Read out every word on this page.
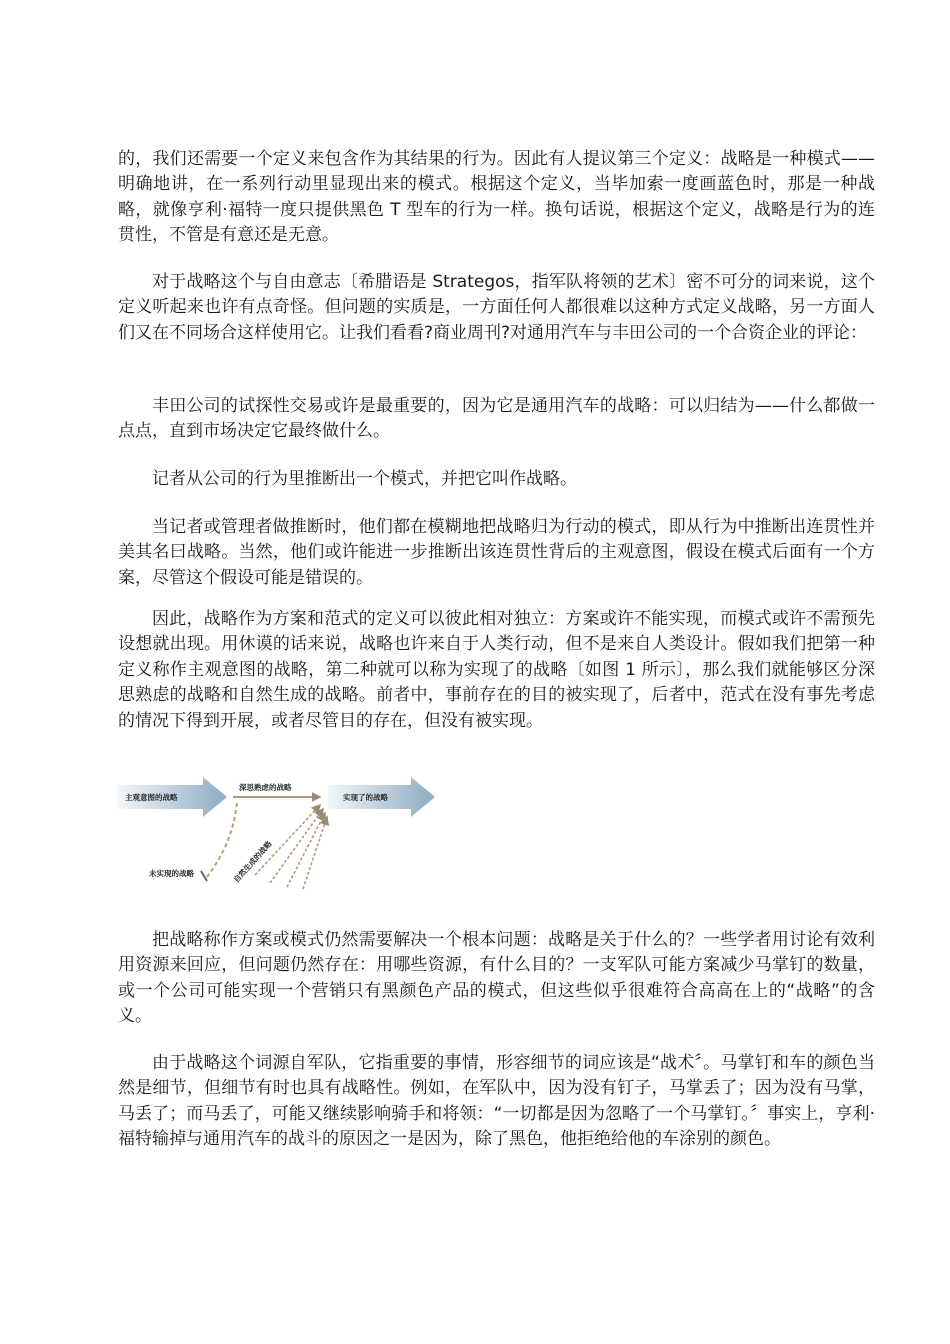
的，我们还需要一个定义来包含作为其结果的行为。因此有人提议第三个定义：战略是一种模式——明确地讲，在一系列行动里显现出来的模式。根据这个定义，当毕加索一度画蓝色时，那是一种战略，就像亨利·福特一度只提供黑色 T 型车的行为一样。换句话说，根据这个定义，战略是行为的连贯性，不管是有意还是无意。

对于战略这个与自由意志〔希腊语是 Strategos，指军队将领的艺术〕密不可分的词来说，这个定义听起来也许有点奇怪。但问题的实质是，一方面任何人都很难以这种方式定义战略，另一方面人们又在不同场合这样使用它。让我们看看?商业周刊?对通用汽车与丰田公司的一个合资企业的评论：

丰田公司的试探性交易或许是最重要的，因为它是通用汽车的战略：可以归结为——什么都做一点点，直到市场决定它最终做什么。

记者从公司的行为里推断出一个模式，并把它叫作战略。

当记者或管理者做推断时，他们都在模糊地把战略归为行动的模式，即从行为中推断出连贯性并美其名曰战略。当然，他们或许能进一步推断出该连贯性背后的主观意图，假设在模式后面有一个方案，尽管这个假设可能是错误的。

因此，战略作为方案和范式的定义可以彼此相对独立：方案或许不能实现，而模式或许不需预先设想就出现。用休谟的话来说，战略也许来自于人类行动，但不是来自人类设计。假如我们把第一种定义称作主观意图的战略，第二种就可以称为实现了的战略〔如图 1 所示〕，那么我们就能够区分深思熟虑的战略和自然生成的战略。前者中，事前存在的目的被实现了，后者中，范式在没有事先考虑的情况下得到开展，或者尽管目的存在，但没有被实现。

主观意图的战略
深思熟虑的战略
实现了的战略
未实现的战略	自然生成的战略

把战略称作方案或模式仍然需要解决一个根本问题：战略是关于什么的？一些学者用讨论有效利用资源来回应，但问题仍然存在：用哪些资源，有什么目的？一支军队可能方案减少马掌钉的数量，或一个公司可能实现一个营销只有黑颜色产品的模式，但这些似乎很难符合高高在上的“战略”的含义。

由于战略这个词源自军队，它指重要的事情，形容细节的词应该是“战术〞。马掌钉和车的颜色当然是细节，但细节有时也具有战略性。例如，在军队中，因为没有钉子，马掌丢了；因为没有马掌，马丢了；而马丢了，可能又继续影响骑手和将领：“一切都是因为忽略了一个马掌钉。〞事实上，亨利·福特输掉与通用汽车的战斗的原因之一是因为，除了黑色，他拒绝给他的车涂别的颜色。
